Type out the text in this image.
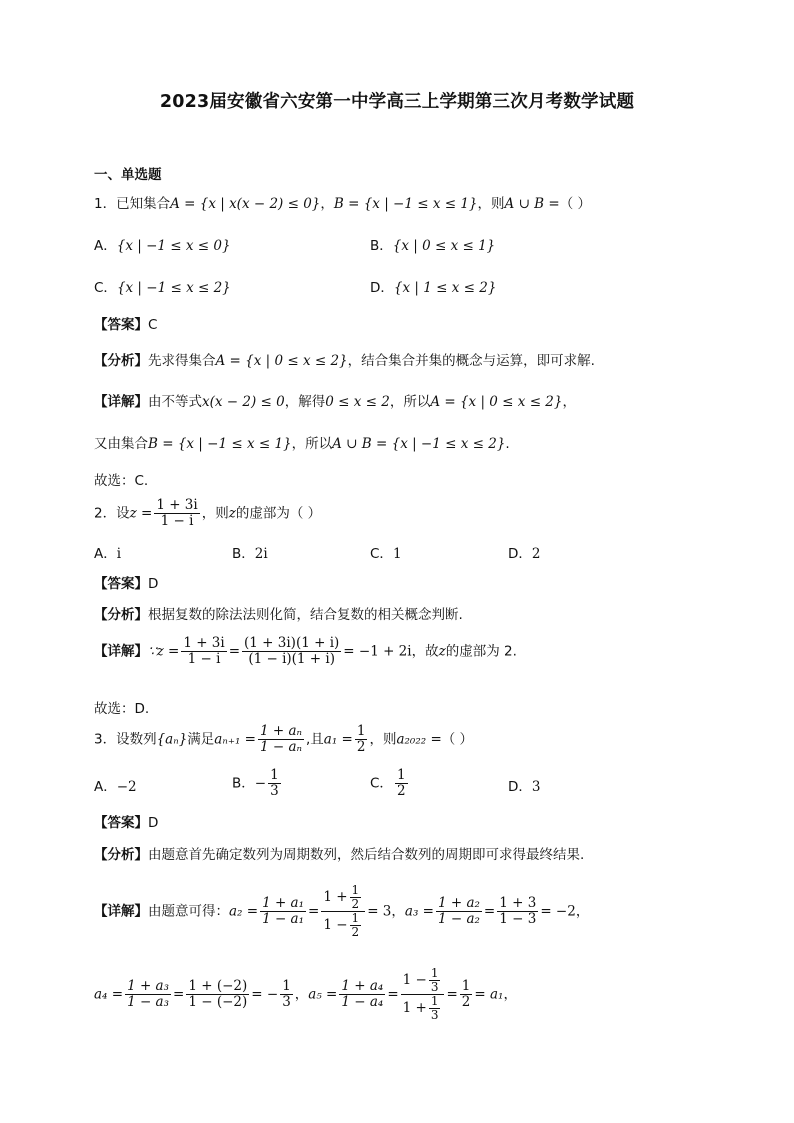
2023届安徽省六安第一中学高三上学期第三次月考数学试题
一、单选题
1．已知集合A = {x | x(x − 2) ≤ 0}，B = {x | −1 ≤ x ≤ 1}，则A ∪ B =（ ）
A．{x | −1 ≤ x ≤ 0}	B．{x | 0 ≤ x ≤ 1}
C．{x | −1 ≤ x ≤ 2}	D．{x | 1 ≤ x ≤ 2}
【答案】C
【分析】先求得集合A = {x | 0 ≤ x ≤ 2}，结合集合并集的概念与运算，即可求解.
【详解】由不等式x(x − 2) ≤ 0，解得0 ≤ x ≤ 2，所以A = {x | 0 ≤ x ≤ 2}，
又由集合B = {x | −1 ≤ x ≤ 1}，所以A ∪ B = {x | −1 ≤ x ≤ 2}.
故选：C.
2．设$z = \frac{1 + 3i}{1 - i}$ ，则z的虚部为（ ）
A．i	B．2i	C．1	D．2
【答案】D
【分析】根据复数的除法法则化简，结合复数的相关概念判断.
【详解】∵z = $\frac{1 + 3i}{1 - i} = \frac{(1 + 3i)(1 + i)}{(1 - i)(1 + i)} = -1 + 2i$，故z的虚部为 2.
故选：D.
3．设数列{aₙ}满足$a_{n+1} = \frac{\text{1 + aₙ}}{\text{1 − aₙ}}$ ,且$a_1 = \frac{1}{2}$ ，则a₂₀₂₂ =（ ）
A．−2	B．− $\frac{1}{3}$	C． $\frac{1}{2}$	D．3
【答案】D
【分析】由题意首先确定数列为周期数列，然后结合数列的周期即可求得最终结果.
【详解】由题意可得：$a_2 = \frac{\text{1 + a₁}}{\text{1 − a₁}} = \frac{1 + \frac{1}{2}}{1 - \frac{1}{2}} = 3$，$a_3 = \frac{\text{1 + a₂}}{\text{1 − a₂}} = \frac{1 + 3}{1 - 3} = -2$，
$a_4 = \frac{\text{1 + a₃}}{\text{1 − a₃}} = \frac{1 + (-2)}{1 - (-2)}$ = − $\frac{1}{3}$ ，$a_5 = \frac{\text{1 + a₄}}{\text{1 − a₄}} = \frac{1 - \frac{1}{3}}{1 + \frac{1}{3}} = \frac{1}{2} = a_1$，
